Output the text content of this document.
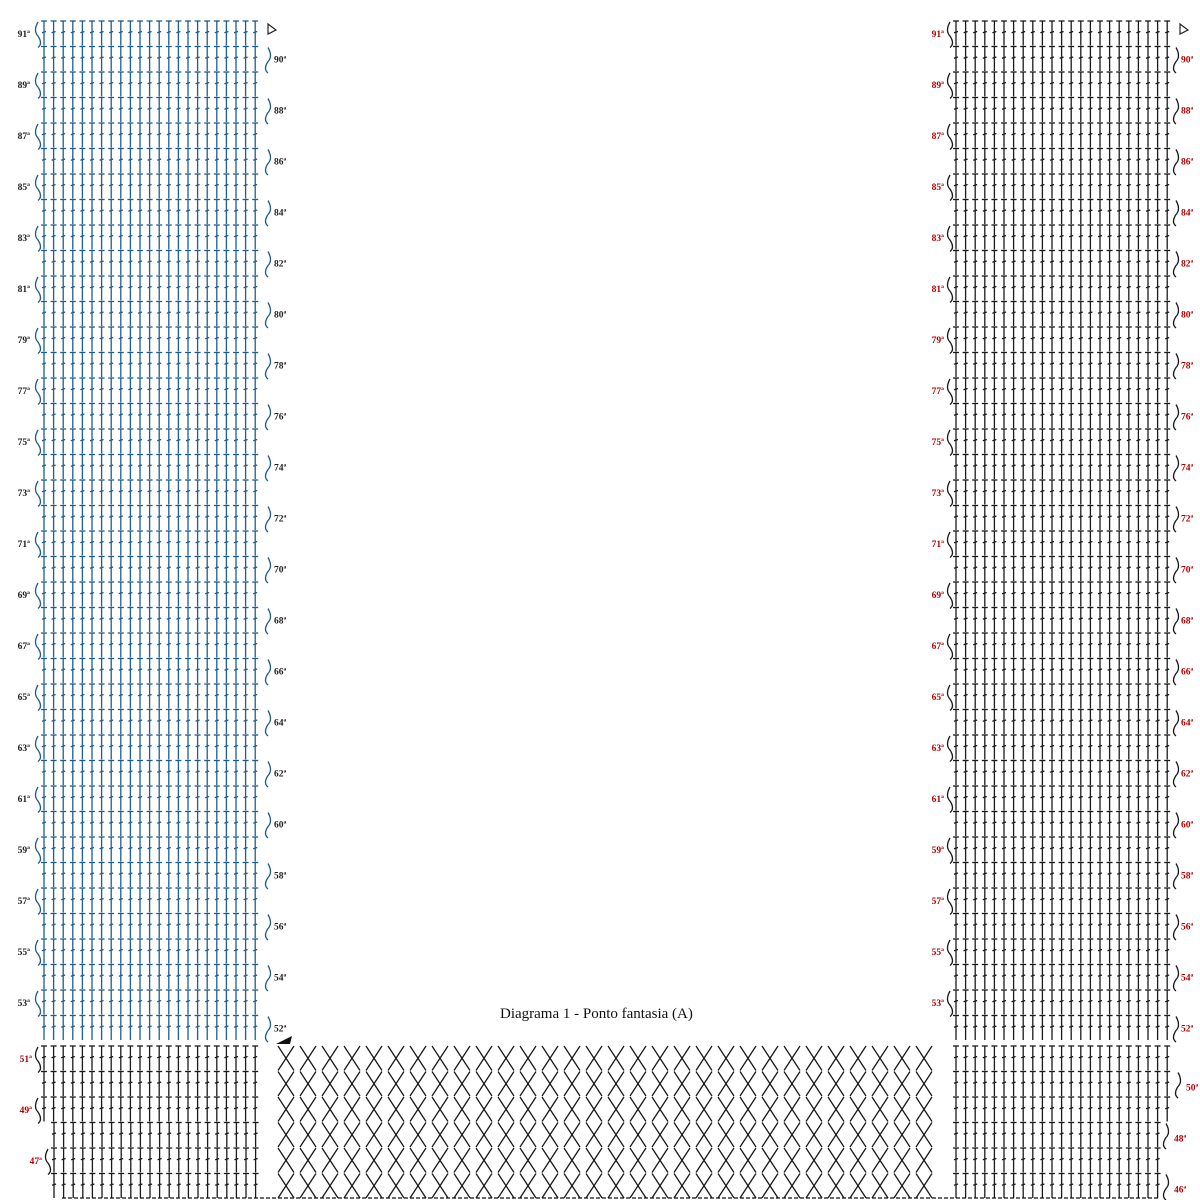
91ª
90ª
89ª
88ª
87ª
86ª
85ª
84ª
83ª
82ª
81ª
80ª
79ª
78ª
77ª
76ª
75ª
74ª
73ª
72ª
71ª
70ª
69ª
68ª
67ª
66ª
65ª
64ª
63ª
62ª
61ª
60ª
59ª
58ª
57ª
56ª
55ª
54ª
53ª
52ª
91ª
90ª
89ª
88ª
87ª
86ª
85ª
84ª
83ª
82ª
81ª
80ª
79ª
78ª
77ª
76ª
75ª
74ª
73ª
72ª
71ª
70ª
69ª
68ª
67ª
66ª
65ª
64ª
63ª
62ª
61ª
60ª
59ª
58ª
57ª
56ª
55ª
54ª
53ª
52ª
51ª
50ª
49ª
48ª
47ª
46ª
Diagrama 1 - Ponto fantasia (A)
